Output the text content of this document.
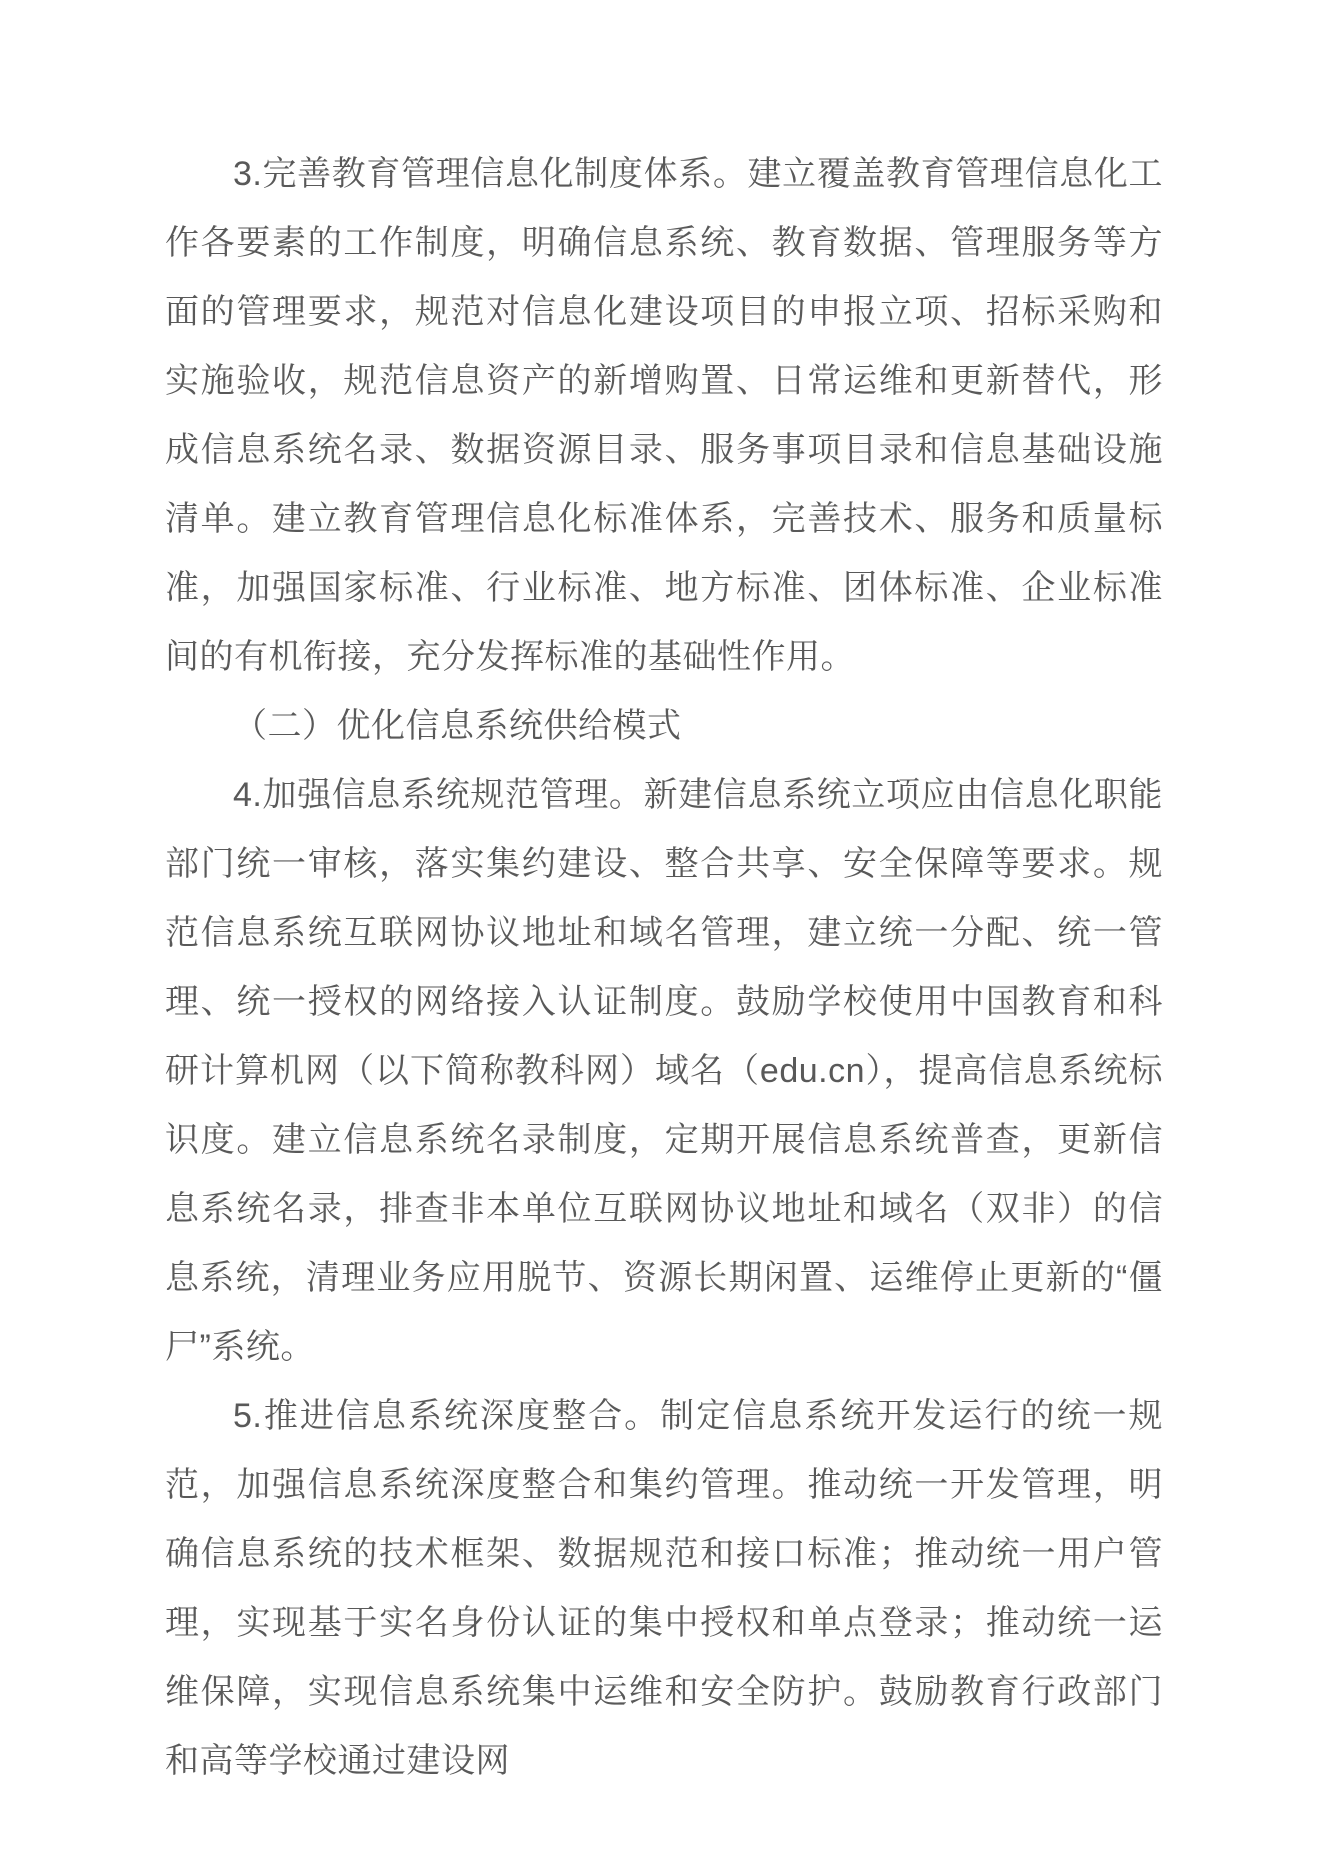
3.完善教育管理信息化制度体系。建立覆盖教育管理信息化工作各要素的工作制度，明确信息系统、教育数据、管理服务等方面的管理要求，规范对信息化建设项目的申报立项、招标采购和实施验收，规范信息资产的新增购置、日常运维和更新替代，形成信息系统名录、数据资源目录、服务事项目录和信息基础设施清单。建立教育管理信息化标准体系，完善技术、服务和质量标准，加强国家标准、行业标准、地方标准、团体标准、企业标准间的有机衔接，充分发挥标准的基础性作用。

（二）优化信息系统供给模式

4.加强信息系统规范管理。新建信息系统立项应由信息化职能部门统一审核，落实集约建设、整合共享、安全保障等要求。规范信息系统互联网协议地址和域名管理，建立统一分配、统一管理、统一授权的网络接入认证制度。鼓励学校使用中国教育和科研计算机网（以下简称教科网）域名（edu.cn），提高信息系统标识度。建立信息系统名录制度，定期开展信息系统普查，更新信息系统名录，排查非本单位互联网协议地址和域名（双非）的信息系统，清理业务应用脱节、资源长期闲置、运维停止更新的“僵尸”系统。

5.推进信息系统深度整合。制定信息系统开发运行的统一规范，加强信息系统深度整合和集约管理。推动统一开发管理，明确信息系统的技术框架、数据规范和接口标准；推动统一用户管理，实现基于实名身份认证的集中授权和单点登录；推动统一运维保障，实现信息系统集中运维和安全防护。鼓励教育行政部门和高等学校通过建设网
